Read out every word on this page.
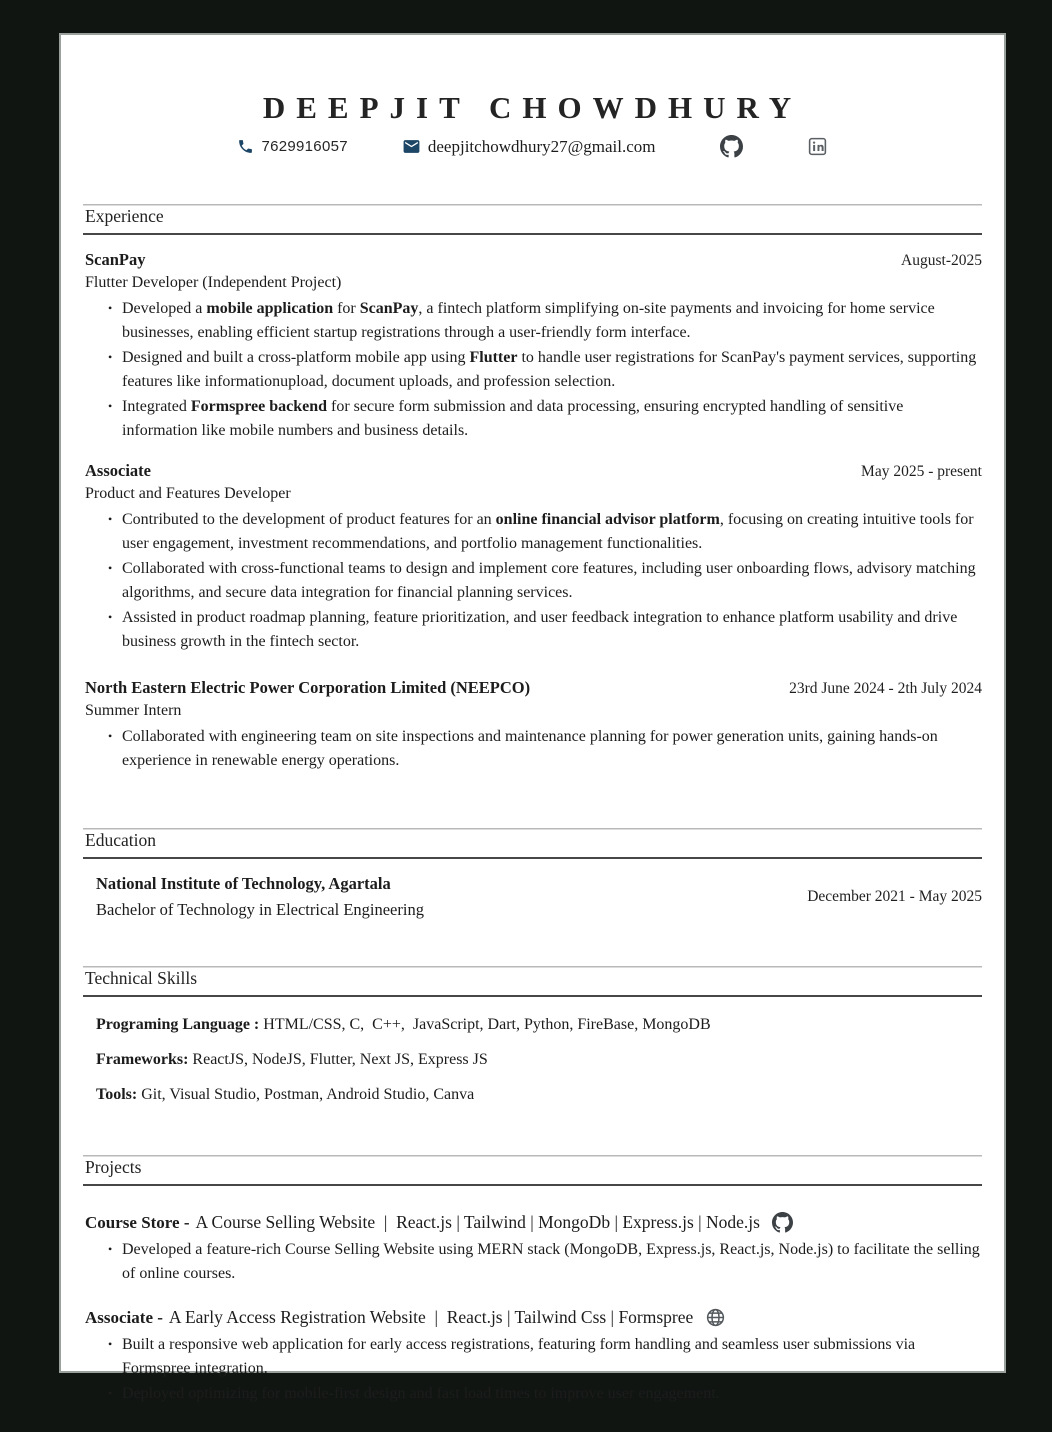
DEEPJIT CHOWDHURY
7629916057	deepjitchowdhury27@gmail.com
Experience
ScanPay	August-2025
Flutter Developer (Independent Project)
• Developed a mobile application for ScanPay, a fintech platform simplifying on-site payments and invoicing for home service businesses, enabling efficient startup registrations through a user-friendly form interface.
• Designed and built a cross-platform mobile app using Flutter to handle user registrations for ScanPay's payment services, supporting features like informationupload, document uploads, and profession selection.
• Integrated Formspree backend for secure form submission and data processing, ensuring encrypted handling of sensitive information like mobile numbers and business details.
Associate	May 2025 - present
Product and Features Developer
• Contributed to the development of product features for an online financial advisor platform, focusing on creating intuitive tools for user engagement, investment recommendations, and portfolio management functionalities.
• Collaborated with cross-functional teams to design and implement core features, including user onboarding flows, advisory matching algorithms, and secure data integration for financial planning services.
• Assisted in product roadmap planning, feature prioritization, and user feedback integration to enhance platform usability and drive business growth in the fintech sector.
North Eastern Electric Power Corporation Limited (NEEPCO)	23rd June 2024 - 2th July 2024
Summer Intern
• Collaborated with engineering team on site inspections and maintenance planning for power generation units, gaining hands-on experience in renewable energy operations.
Education
National Institute of Technology, Agartala
Bachelor of Technology in Electrical Engineering
December 2021 - May 2025
Technical Skills
Programing Language : HTML/CSS, C,  C++,  JavaScript, Dart, Python, FireBase, MongoDB
Frameworks: ReactJS, NodeJS, Flutter, Next JS, Express JS
Tools: Git, Visual Studio, Postman, Android Studio, Canva
Projects
Course Store - A Course Selling Website  |  React.js | Tailwind | MongoDb | Express.js | Node.js
• Developed a feature-rich Course Selling Website using MERN stack (MongoDB, Express.js, React.js, Node.js) to facilitate the selling of online courses.
Associate - A Early Access Registration Website  |  React.js | Tailwind Css | Formspree
• Built a responsive web application for early access registrations, featuring form handling and seamless user submissions via Formspree integration.
• Deployed optimizing for mobile-first design and fast load times to improve user engagement.
